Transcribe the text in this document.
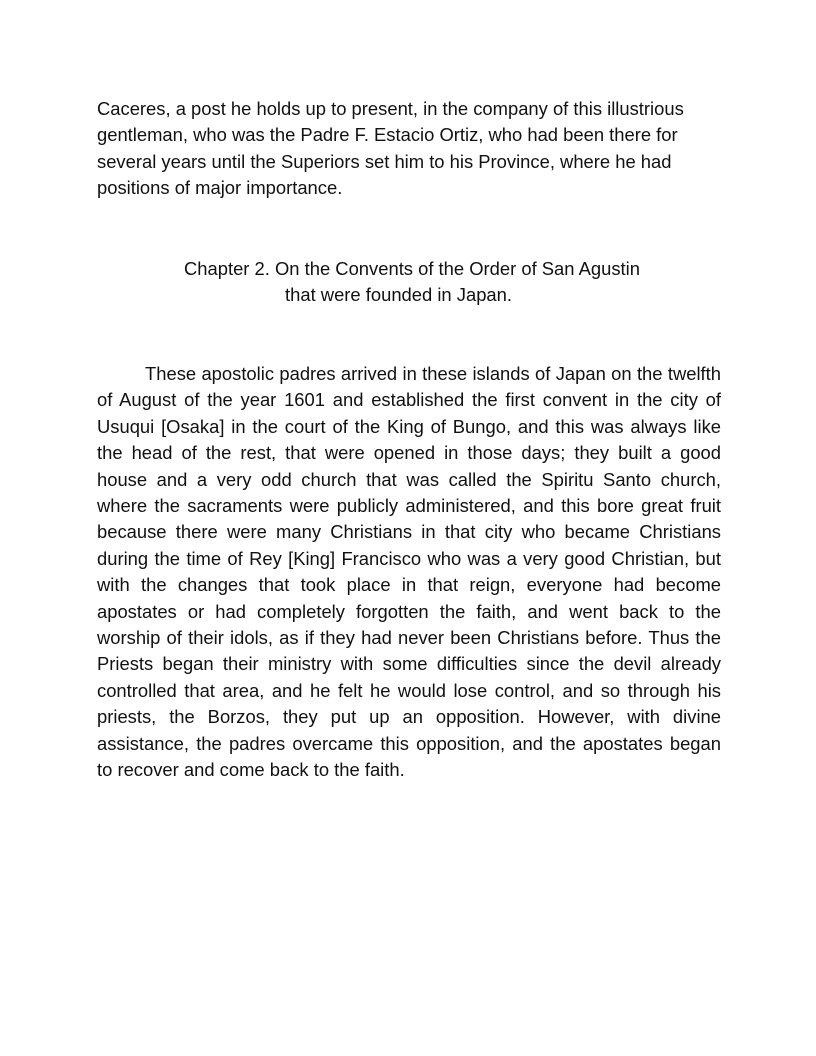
Caceres, a post he holds up to present, in the company of this illustrious gentleman, who was the Padre F. Estacio Ortiz, who had been there for several years until the Superiors set him to his Province, where he had positions of major importance.

Chapter 2. On the Convents of the Order of San Agustin
that were founded in Japan.

These apostolic padres arrived in these islands of Japan on the twelfth of August of the year 1601 and established the first convent in the city of Usuqui [Osaka] in the court of the King of Bungo, and this was always like the head of the rest, that were opened in those days; they built a good house and a very odd church that was called the Spiritu Santo church, where the sacraments were publicly administered, and this bore great fruit because there were many Christians in that city who became Christians during the time of Rey [King] Francisco who was a very good Christian, but with the changes that took place in that reign, everyone had become apostates or had completely forgotten the faith, and went back to the worship of their idols, as if they had never been Christians before. Thus the Priests began their ministry with some difficulties since the devil already controlled that area, and he felt he would lose control, and so through his priests, the Borzos, they put up an opposition. However, with divine assistance, the padres overcame this opposition, and the apostates began to recover and come back to the faith.
